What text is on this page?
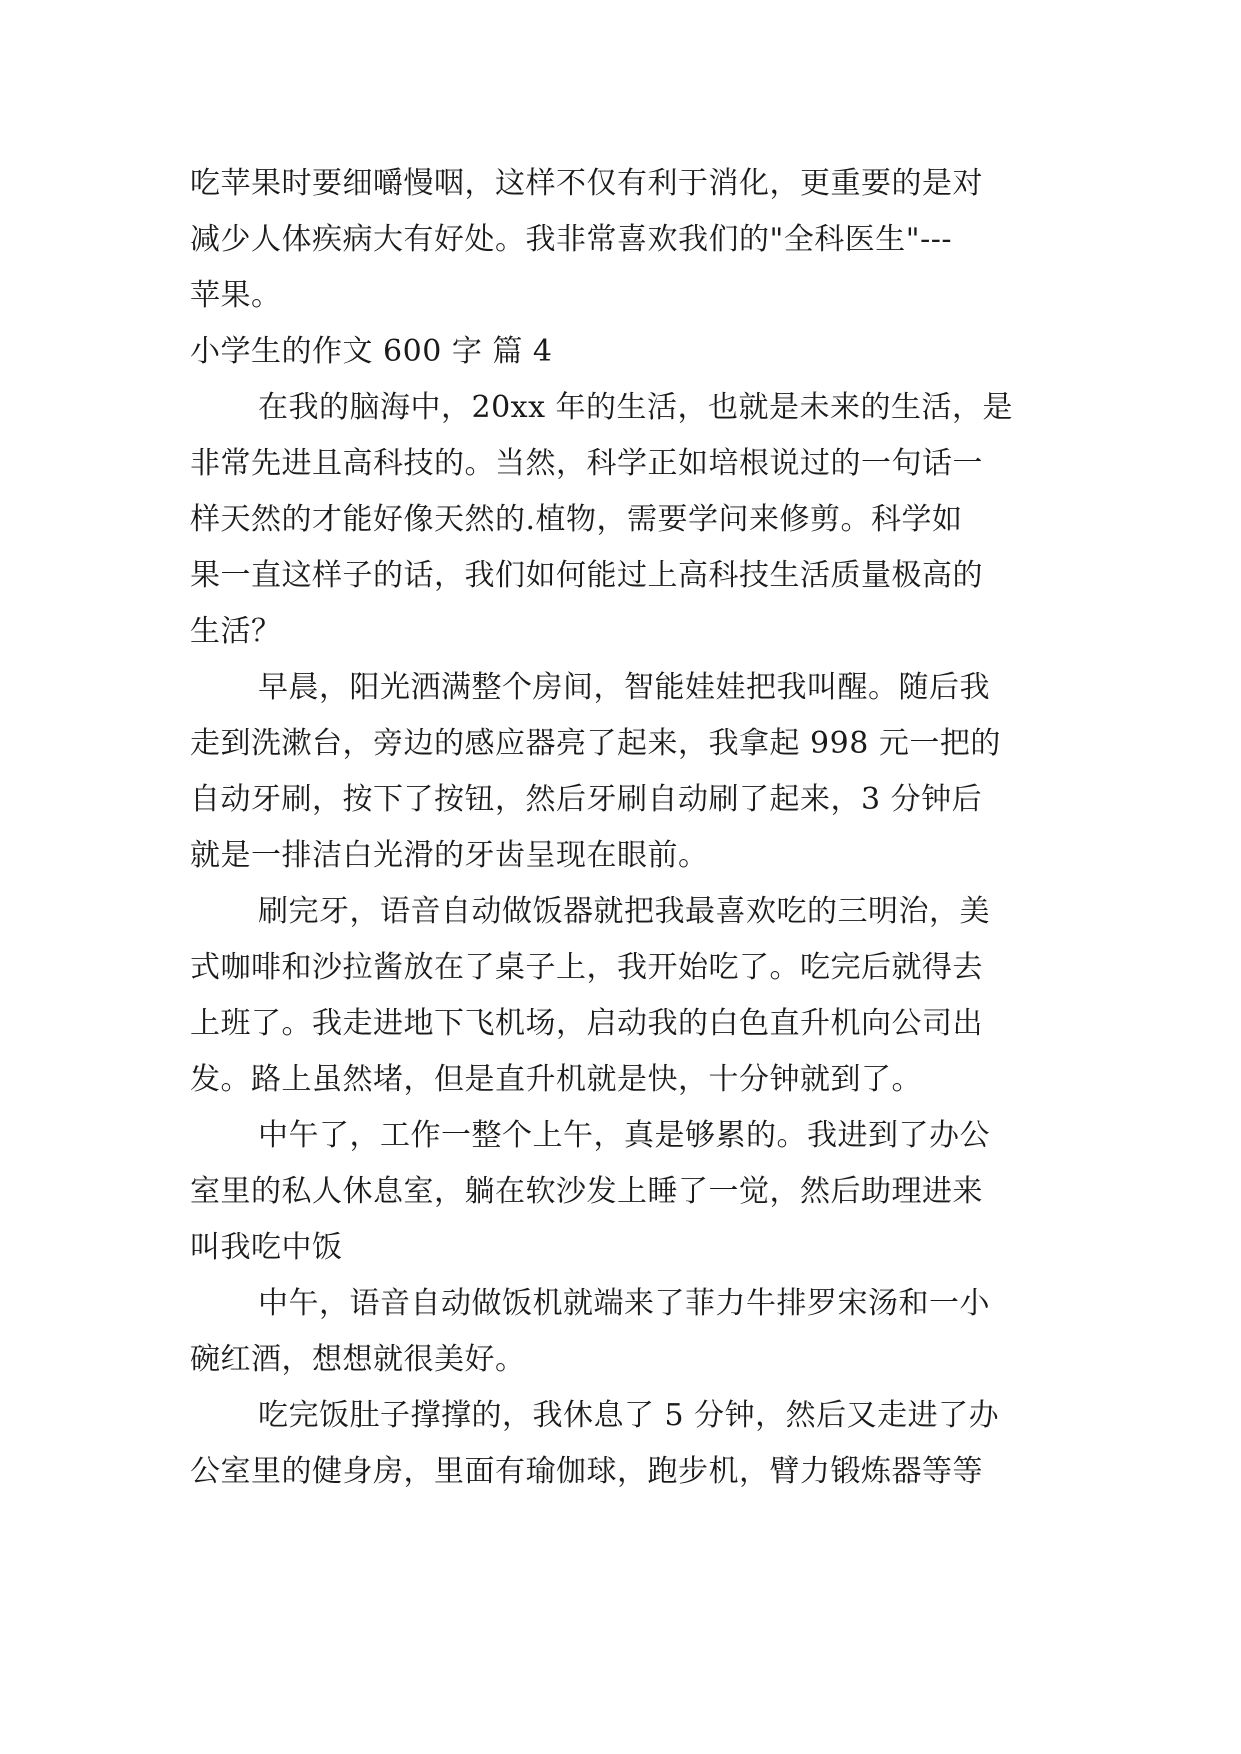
吃苹果时要细嚼慢咽，这样不仅有利于消化，更重要的是对
减少人体疾病大有好处。我非常喜欢我们的"全科医生"---
苹果。
小学生的作文 600 字 篇 4
在我的脑海中，20xx 年的生活，也就是未来的生活，是
非常先进且高科技的。当然，科学正如培根说过的一句话一
样天然的才能好像天然的.植物，需要学问来修剪。科学如
果一直这样子的话，我们如何能过上高科技生活质量极高的
生活？
早晨，阳光洒满整个房间，智能娃娃把我叫醒。随后我
走到洗漱台，旁边的感应器亮了起来，我拿起 998 元一把的
自动牙刷，按下了按钮，然后牙刷自动刷了起来，3 分钟后
就是一排洁白光滑的牙齿呈现在眼前。
刷完牙，语音自动做饭器就把我最喜欢吃的三明治，美
式咖啡和沙拉酱放在了桌子上，我开始吃了。吃完后就得去
上班了。我走进地下飞机场，启动我的白色直升机向公司出
发。路上虽然堵，但是直升机就是快，十分钟就到了。
中午了，工作一整个上午，真是够累的。我进到了办公
室里的私人休息室，躺在软沙发上睡了一觉，然后助理进来
叫我吃中饭
中午，语音自动做饭机就端来了菲力牛排罗宋汤和一小
碗红酒，想想就很美好。
吃完饭肚子撑撑的，我休息了 5 分钟，然后又走进了办
公室里的健身房，里面有瑜伽球，跑步机，臂力锻炼器等等
